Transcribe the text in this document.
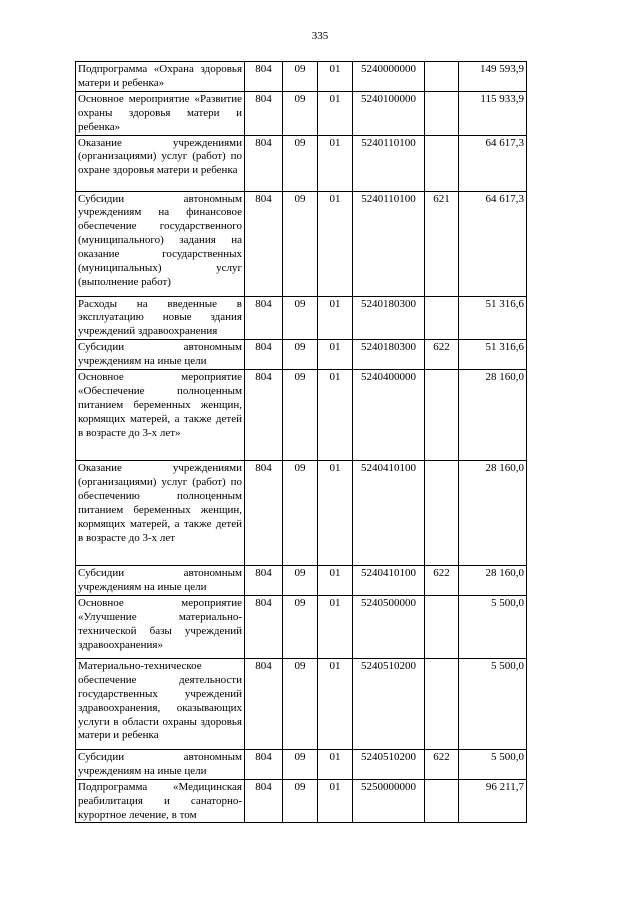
335
Подпрограмма «Охрана здоровья матери и ребенка»	804	09	01	5240000000		149 593,9
Основное мероприятие «Развитие охраны здоровья матери и ребенка»	804	09	01	5240100000		115 933,9
Оказание учреждениями (организациями) услуг (работ) по охране здоровья матери и ребенка	804	09	01	5240110100		64 617,3
Субсидии автономным учреждениям на финансовое обеспечение государственного (муниципального) задания на оказание государственных (муниципальных) услуг (выполнение работ)	804	09	01	5240110100	621	64 617,3
Расходы на введенные в эксплуатацию новые здания учреждений здравоохранения	804	09	01	5240180300		51 316,6
Субсидии автономным учреждениям на иные цели	804	09	01	5240180300	622	51 316,6
Основное мероприятие «Обеспечение полноценным питанием беременных женщин, кормящих матерей, а также детей в возрасте до 3-х лет»	804	09	01	5240400000		28 160,0
Оказание учреждениями (организациями) услуг (работ) по обеспечению полноценным питанием беременных женщин, кормящих матерей, а также детей в возрасте до 3-х лет	804	09	01	5240410100		28 160,0
Субсидии автономным учреждениям на иные цели	804	09	01	5240410100	622	28 160,0
Основное мероприятие «Улучшение материально-технической базы учреждений здравоохранения»	804	09	01	5240500000		5 500,0
Материально-техническое обеспечение деятельности государственных учреждений здравоохранения, оказывающих услуги в области охраны здоровья матери и ребенка	804	09	01	5240510200		5 500,0
Субсидии автономным учреждениям на иные цели	804	09	01	5240510200	622	5 500,0
Подпрограмма «Медицинская реабилитация и санаторно-курортное лечение, в том	804	09	01	5250000000		96 211,7
